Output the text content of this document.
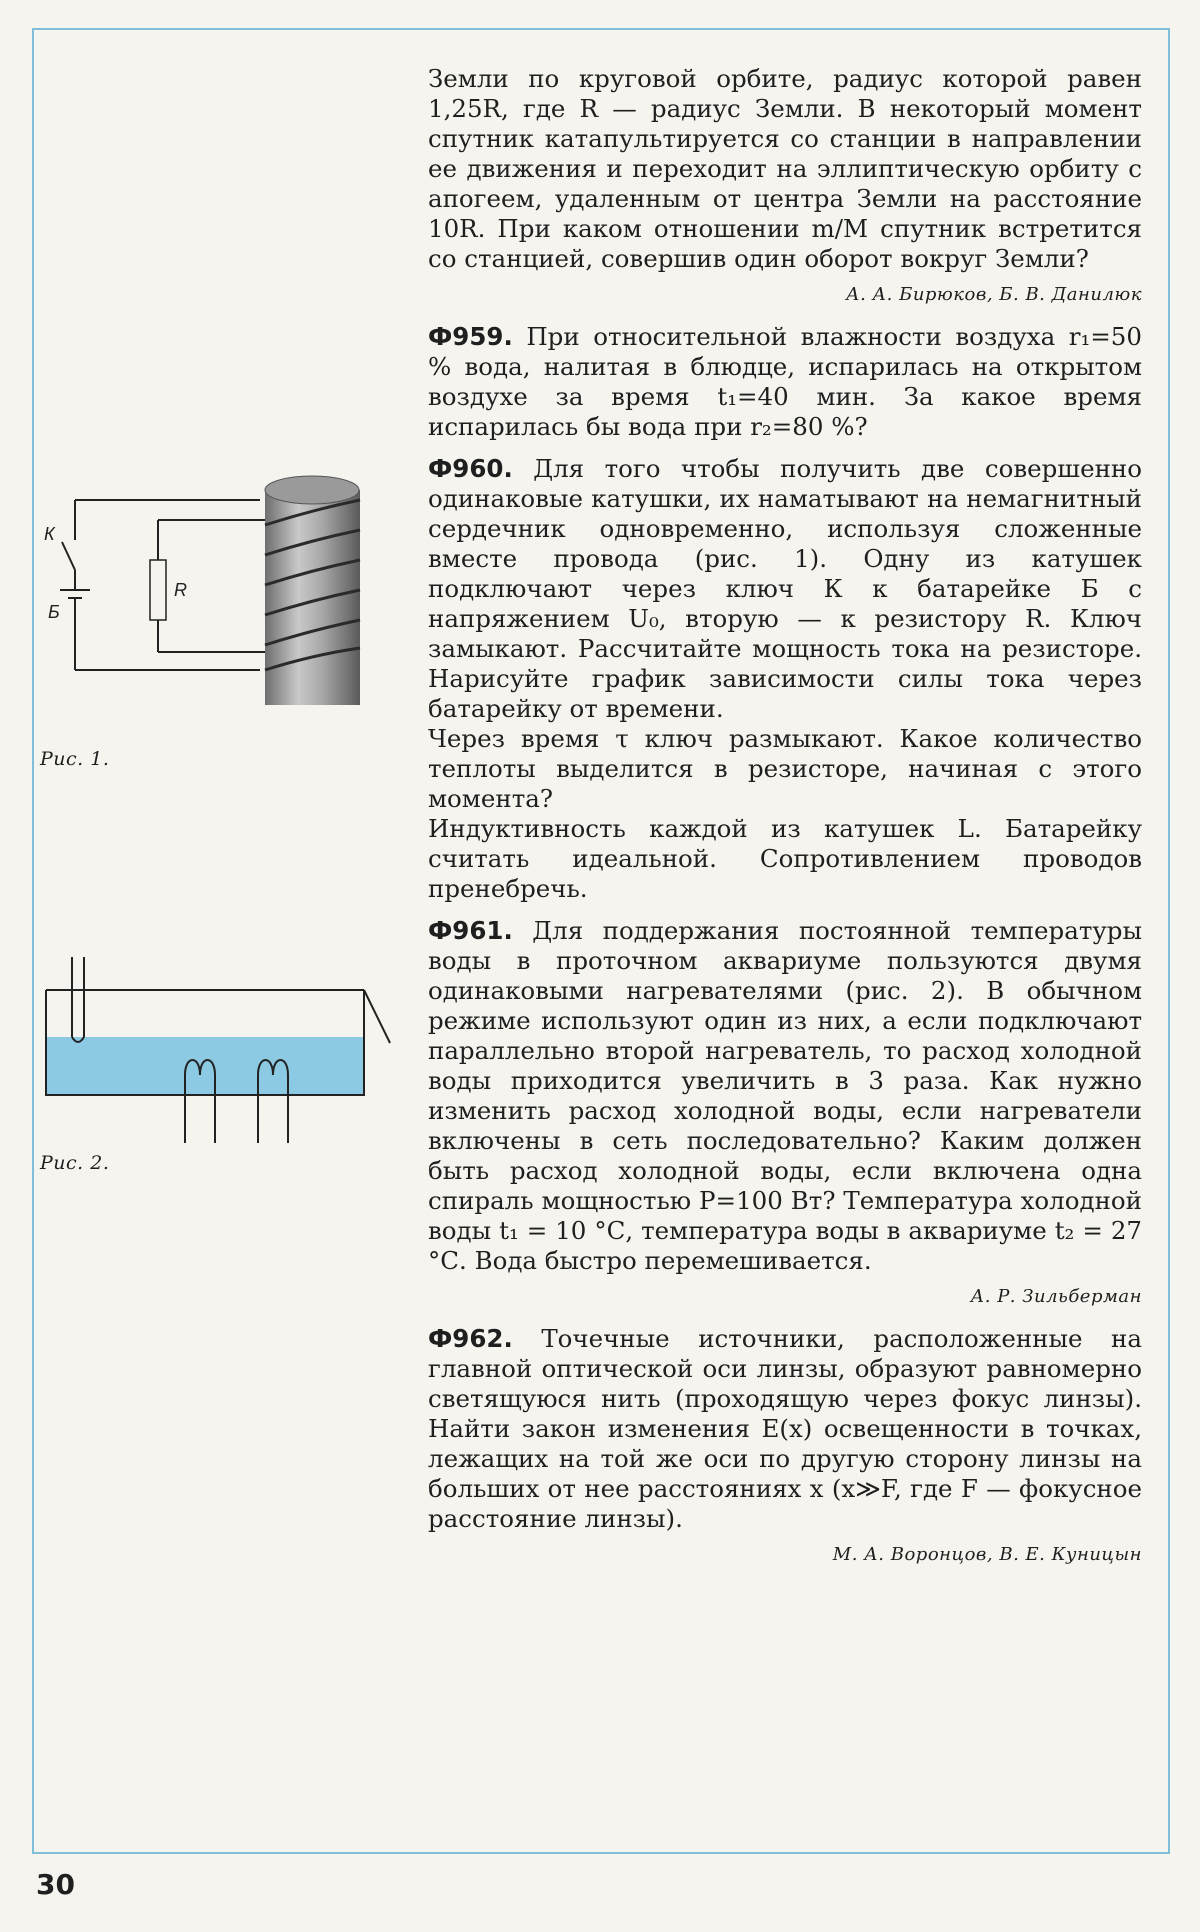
К
Б
R
Рис. 1.
Рис. 2.

Земли по круговой орбите, радиус которой равен 1,25R, где R — радиус Земли. В некоторый момент спутник катапультируется со станции в направлении ее движения и переходит на эллиптическую орбиту с апогеем, удаленным от центра Земли на расстояние 10R. При каком отношении m/M спутник встретится со станцией, совершив один оборот вокруг Земли?

А. А. Бирюков, Б. В. Данилюк

Ф959. При относительной влажности воздуха r₁=50 % вода, налитая в блюдце, испарилась на открытом воздухе за время t₁=40 мин. За какое время испарилась бы вода при r₂=80 %?

Ф960. Для того чтобы получить две совершенно одинаковые катушки, их наматывают на немагнитный сердечник одновременно, используя сложенные вместе провода (рис. 1). Одну из катушек подключают через ключ К к батарейке Б с напряжением U₀, вторую — к резистору R. Ключ замыкают. Рассчитайте мощность тока на резисторе. Нарисуйте график зависимости силы тока через батарейку от времени.

Через время τ ключ размыкают. Какое количество теплоты выделится в резисторе, начиная с этого момента?

Индуктивность каждой из катушек L. Батарейку считать идеальной. Сопротивлением проводов пренебречь.

Ф961. Для поддержания постоянной температуры воды в проточном аквариуме пользуются двумя одинаковыми нагревателями (рис. 2). В обычном режиме используют один из них, а если подключают параллельно второй нагреватель, то расход холодной воды приходится увеличить в 3 раза. Как нужно изменить расход холодной воды, если нагреватели включены в сеть последовательно? Каким должен быть расход холодной воды, если включена одна спираль мощностью P=100 Вт? Температура холодной воды t₁ = 10 °С, температура воды в аквариуме t₂ = 27 °С. Вода быстро перемешивается.

А. Р. Зильберман

Ф962. Точечные источники, расположенные на главной оптической оси линзы, образуют равномерно светящуюся нить (проходящую через фокус линзы). Найти закон изменения E(x) освещенности в точках, лежащих на той же оси по другую сторону линзы на больших от нее расстояниях x (x≫F, где F — фокусное расстояние линзы).

М. А. Воронцов, В. Е. Куницын
30
